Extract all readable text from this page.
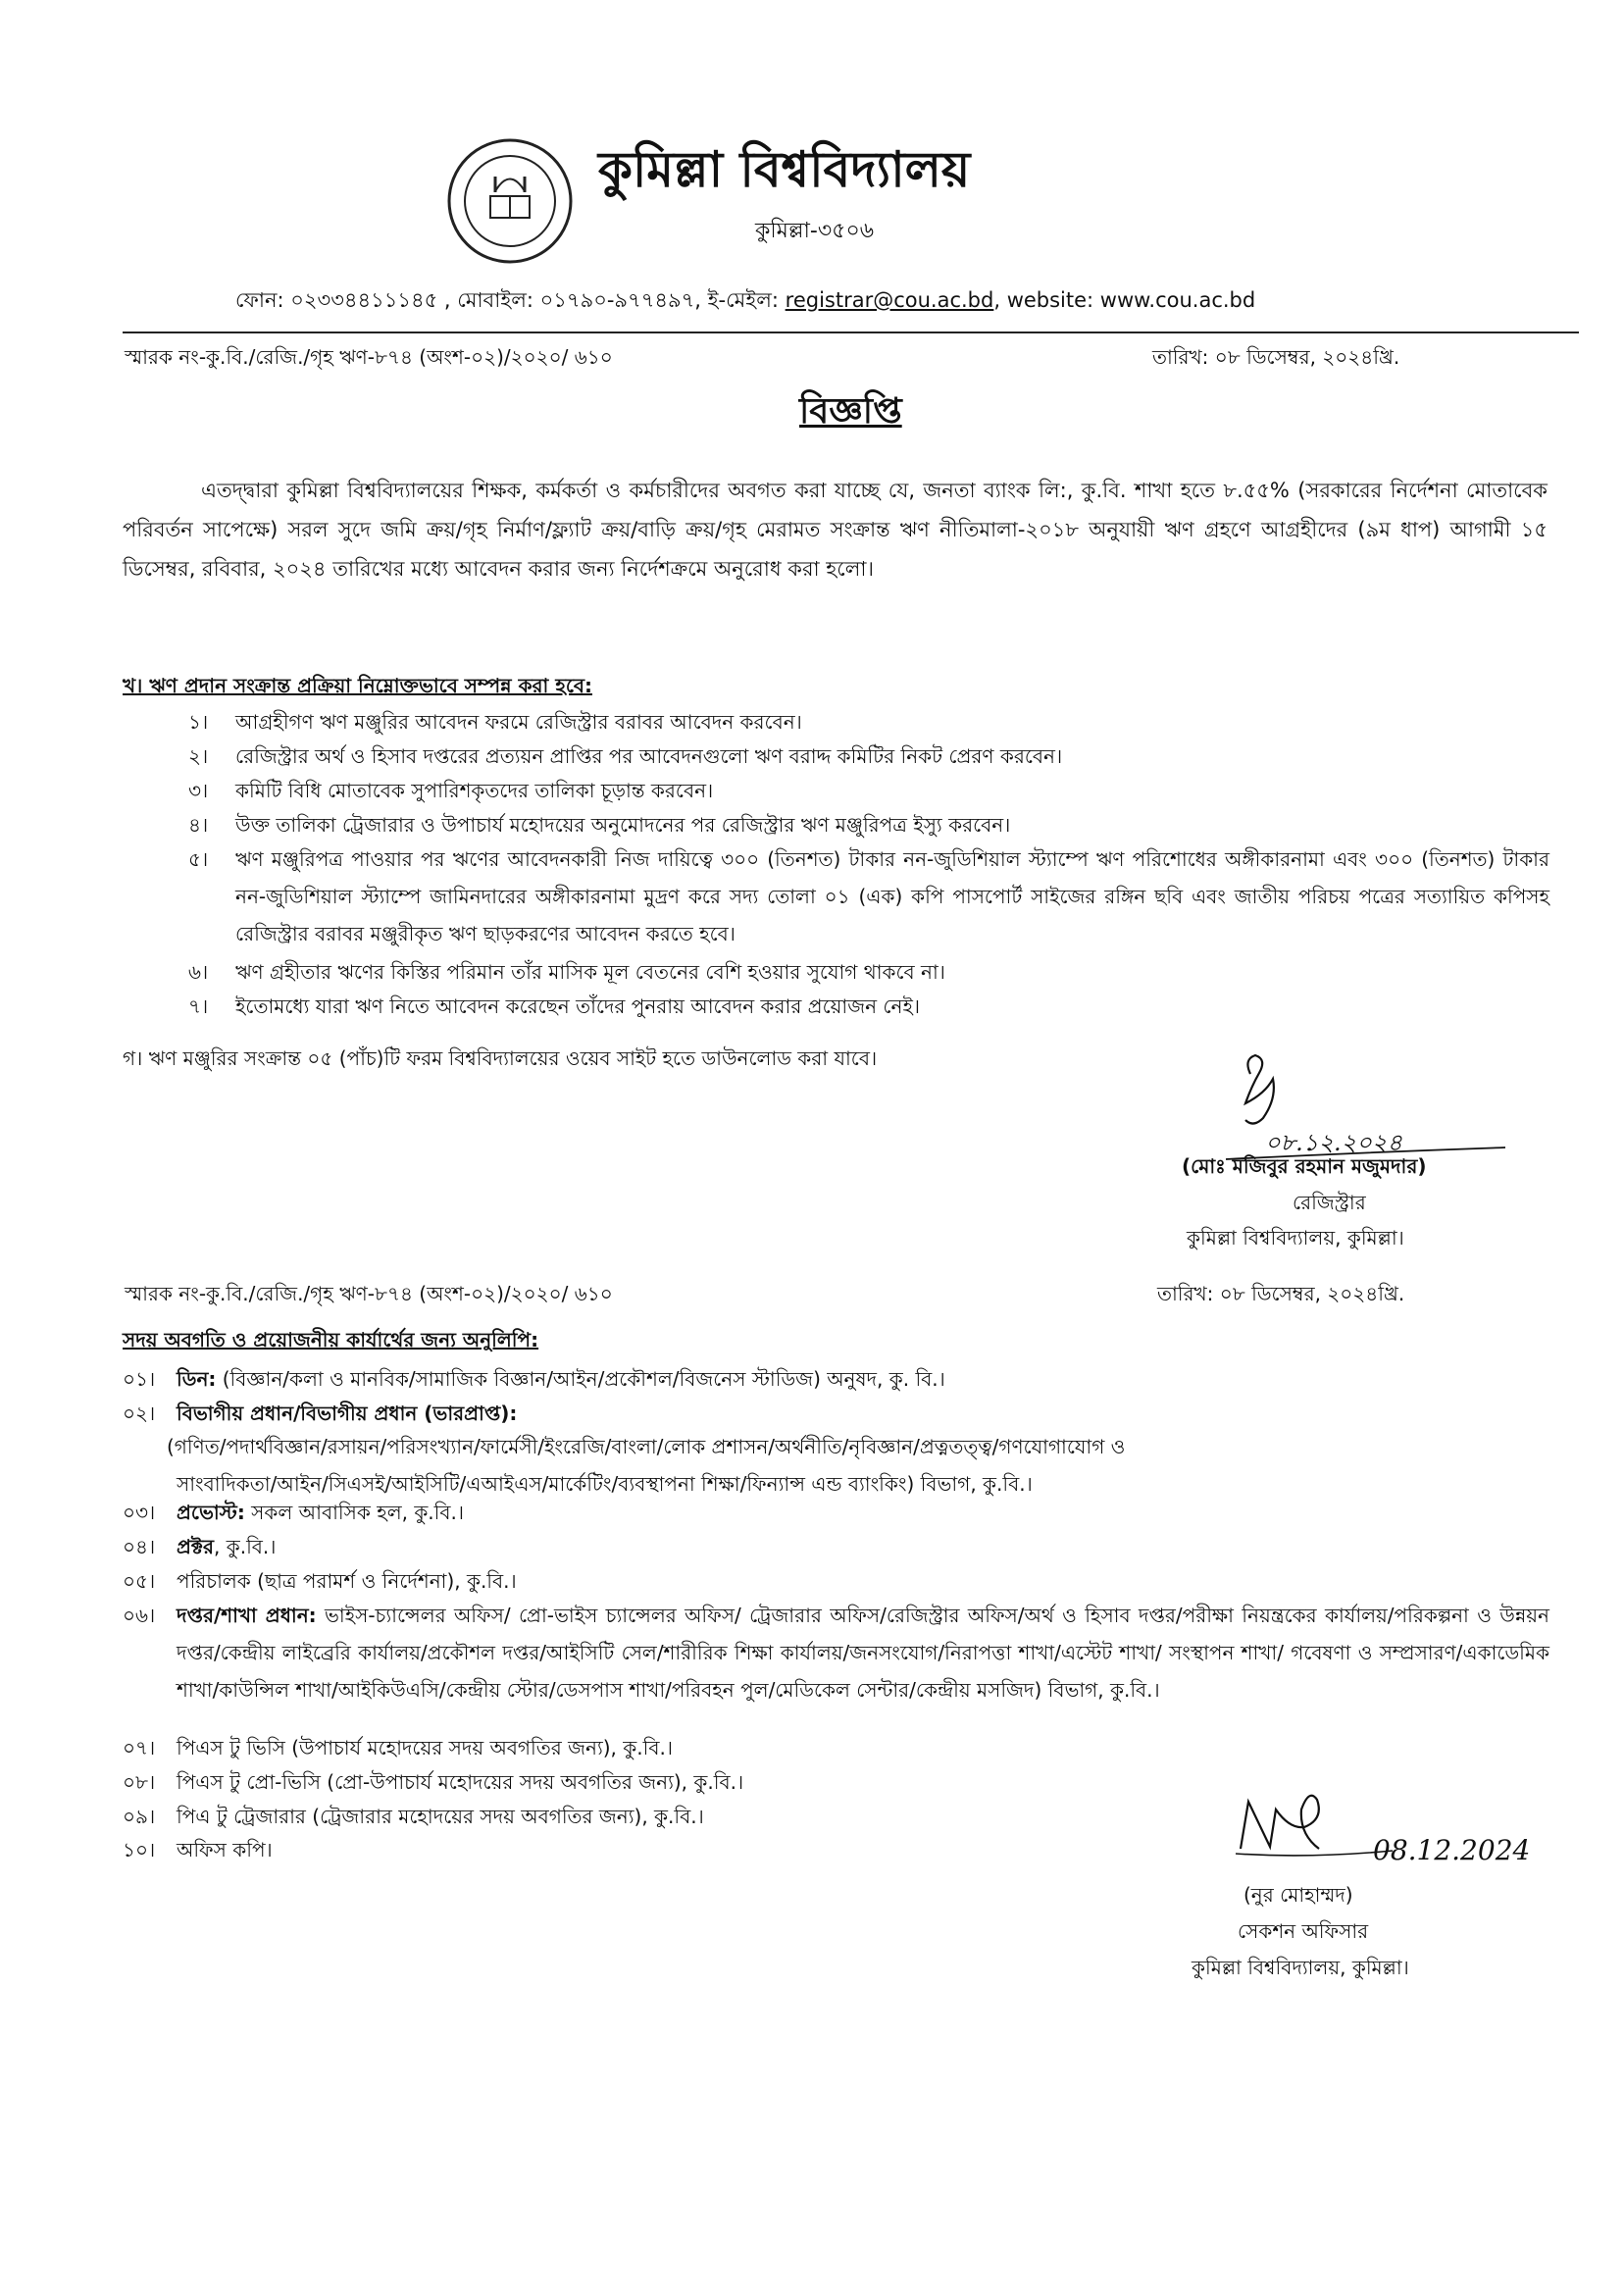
কুমিল্লা বিশ্ববিদ্যালয়
কুমিল্লা-৩৫০৬
ফোন: ০২৩৩৪৪১১১৪৫ , মোবাইল: ০১৭৯০-৯৭৭৪৯৭, ই-মেইল: registrar@cou.ac.bd, website: www.cou.ac.bd
স্মারক নং-কু.বি./রেজি./গৃহ ঋণ-৮৭৪ (অংশ-০২)/২০২০/ ৬১০	তারিখ: ০৮ ডিসেম্বর, ২০২৪খ্রি.
বিজ্ঞপ্তি
এতদ্দ্বারা কুমিল্লা বিশ্ববিদ্যালয়ের শিক্ষক, কর্মকর্তা ও কর্মচারীদের অবগত করা যাচ্ছে যে, জনতা ব্যাংক লি:, কু.বি. শাখা হতে ৮.৫৫% (সরকারের নির্দেশনা মোতাবেক পরিবর্তন সাপেক্ষে) সরল সুদে জমি ক্রয়/গৃহ নির্মাণ/ফ্ল্যাট ক্রয়/বাড়ি ক্রয়/গৃহ মেরামত সংক্রান্ত ঋণ নীতিমালা-২০১৮ অনুযায়ী ঋণ গ্রহণে আগ্রহীদের (৯ম ধাপ) আগামী ১৫ ডিসেম্বর, রবিবার, ২০২৪ তারিখের মধ্যে আবেদন করার জন্য নির্দেশক্রমে অনুরোধ করা হলো।
খ। ঋণ প্রদান সংক্রান্ত প্রক্রিয়া নিম্নোক্তভাবে সম্পন্ন করা হবে:
১। আগ্রহীগণ ঋণ মঞ্জুরির আবেদন ফরমে রেজিস্ট্রার বরাবর আবেদন করবেন।
২। রেজিস্ট্রার অর্থ ও হিসাব দপ্তরের প্রত্যয়ন প্রাপ্তির পর আবেদনগুলো ঋণ বরাদ্দ কমিটির নিকট প্রেরণ করবেন।
৩। কমিটি বিধি মোতাবেক সুপারিশকৃতদের তালিকা চূড়ান্ত করবেন।
৪। উক্ত তালিকা ট্রেজারার ও উপাচার্য মহোদয়ের অনুমোদনের পর রেজিস্ট্রার ঋণ মঞ্জুরিপত্র ইস্যু করবেন।
৫। ঋণ মঞ্জুরিপত্র পাওয়ার পর ঋণের আবেদনকারী নিজ দায়িত্বে ৩০০ (তিনশত) টাকার নন-জুডিশিয়াল স্ট্যাম্পে ঋণ পরিশোধের অঙ্গীকারনামা এবং ৩০০ (তিনশত) টাকার নন-জুডিশিয়াল স্ট্যাম্পে জামিনদারের অঙ্গীকারনামা মুদ্রণ করে সদ্য তোলা ০১ (এক) কপি পাসপোর্ট সাইজের রঙ্গিন ছবি এবং জাতীয় পরিচয় পত্রের সত্যায়িত কপিসহ রেজিস্ট্রার বরাবর মঞ্জুরীকৃত ঋণ ছাড়করণের আবেদন করতে হবে।
৬। ঋণ গ্রহীতার ঋণের কিস্তির পরিমান তাঁর মাসিক মূল বেতনের বেশি হওয়ার সুযোগ থাকবে না।
৭। ইতোমধ্যে যারা ঋণ নিতে আবেদন করেছেন তাঁদের পুনরায় আবেদন করার প্রয়োজন নেই।
গ। ঋণ মঞ্জুরির সংক্রান্ত ০৫ (পাঁচ)টি ফরম বিশ্ববিদ্যালয়ের ওয়েব সাইট হতে ডাউনলোড করা যাবে।
০৮.১২.২০২৪
(মোঃ মজিবুর রহমান মজুমদার)
রেজিস্ট্রার
কুমিল্লা বিশ্ববিদ্যালয়, কুমিল্লা।
স্মারক নং-কু.বি./রেজি./গৃহ ঋণ-৮৭৪ (অংশ-০২)/২০২০/ ৬১০	তারিখ: ০৮ ডিসেম্বর, ২০২৪খ্রি.
সদয় অবগতি ও প্রয়োজনীয় কার্যার্থের জন্য অনুলিপি:
০১। ডিন: (বিজ্ঞান/কলা ও মানবিক/সামাজিক বিজ্ঞান/আইন/প্রকৌশল/বিজনেস স্টাডিজ) অনুষদ, কু. বি.।
০২। বিভাগীয় প্রধান/বিভাগীয় প্রধান (ভারপ্রাপ্ত):
(গণিত/পদার্থবিজ্ঞান/রসায়ন/পরিসংখ্যান/ফার্মেসী/ইংরেজি/বাংলা/লোক প্রশাসন/অর্থনীতি/নৃবিজ্ঞান/প্রত্নতত্ত্ব/গণযোগাযোগ ও সাংবাদিকতা/আইন/সিএসই/আইসিটি/এআইএস/মার্কেটিং/ব্যবস্থাপনা শিক্ষা/ফিন্যান্স এন্ড ব্যাংকিং) বিভাগ, কু.বি.।
০৩। প্রভোস্ট: সকল আবাসিক হল, কু.বি.।
০৪। প্রক্টর, কু.বি.।
০৫। পরিচালক (ছাত্র পরামর্শ ও নির্দেশনা), কু.বি.।
০৬। দপ্তর/শাখা প্রধান: ভাইস-চ্যান্সেলর অফিস/ প্রো-ভাইস চ্যান্সেলর অফিস/ ট্রেজারার অফিস/রেজিস্ট্রার অফিস/অর্থ ও হিসাব দপ্তর/পরীক্ষা নিয়ন্ত্রকের কার্যালয়/পরিকল্পনা ও উন্নয়ন দপ্তর/কেন্দ্রীয় লাইব্রেরি কার্যালয়/প্রকৌশল দপ্তর/আইসিটি সেল/শারীরিক শিক্ষা কার্যালয়/জনসংযোগ/নিরাপত্তা শাখা/এস্টেট শাখা/ সংস্থাপন শাখা/ গবেষণা ও সম্প্রসারণ/একাডেমিক শাখা/কাউন্সিল শাখা/আইকিউএসি/কেন্দ্রীয় স্টোর/ডেসপাস শাখা/পরিবহন পুল/মেডিকেল সেন্টার/কেন্দ্রীয় মসজিদ) বিভাগ, কু.বি.।
০৭। পিএস টু ভিসি (উপাচার্য মহোদয়ের সদয় অবগতির জন্য), কু.বি.।
০৮। পিএস টু প্রো-ভিসি (প্রো-উপাচার্য মহোদয়ের সদয় অবগতির জন্য), কু.বি.।
০৯। পিএ টু ট্রেজারার (ট্রেজারার মহোদয়ের সদয় অবগতির জন্য), কু.বি.।
১০। অফিস কপি।	08.12.2024
(নুর মোহাম্মদ)
সেকশন অফিসার
কুমিল্লা বিশ্ববিদ্যালয়, কুমিল্লা।
